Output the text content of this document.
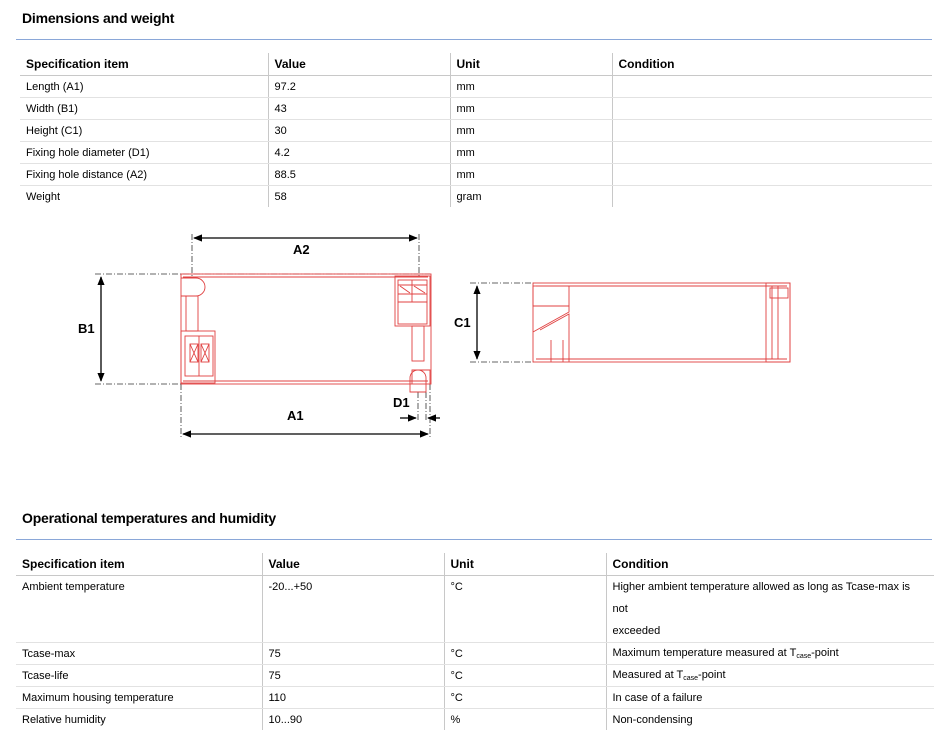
Dimensions and weight
Specification item	Value	Unit	Condition
Length (A1)	97.2	mm	
Width (B1)	43	mm	
Height (C1)	30	mm	
Fixing hole diameter (D1)	4.2	mm	
Fixing hole distance (A2)	88.5	mm	
Weight	58	gram	
A2
B1	C1
D1
A1
Operational temperatures and humidity
Specification item	Value	Unit	Condition
Ambient temperature	-20...+50	°C	Higher ambient temperature allowed as long as Tcase-max is not
exceeded
Tcase-max	75	°C	Maximum temperature measured at $T_{case}$-point
Tcase-life	75	°C	Measured at $T_{case}$-point
Maximum housing temperature	110	°C	In case of a failure
Relative humidity	10...90	%	Non-condensing
